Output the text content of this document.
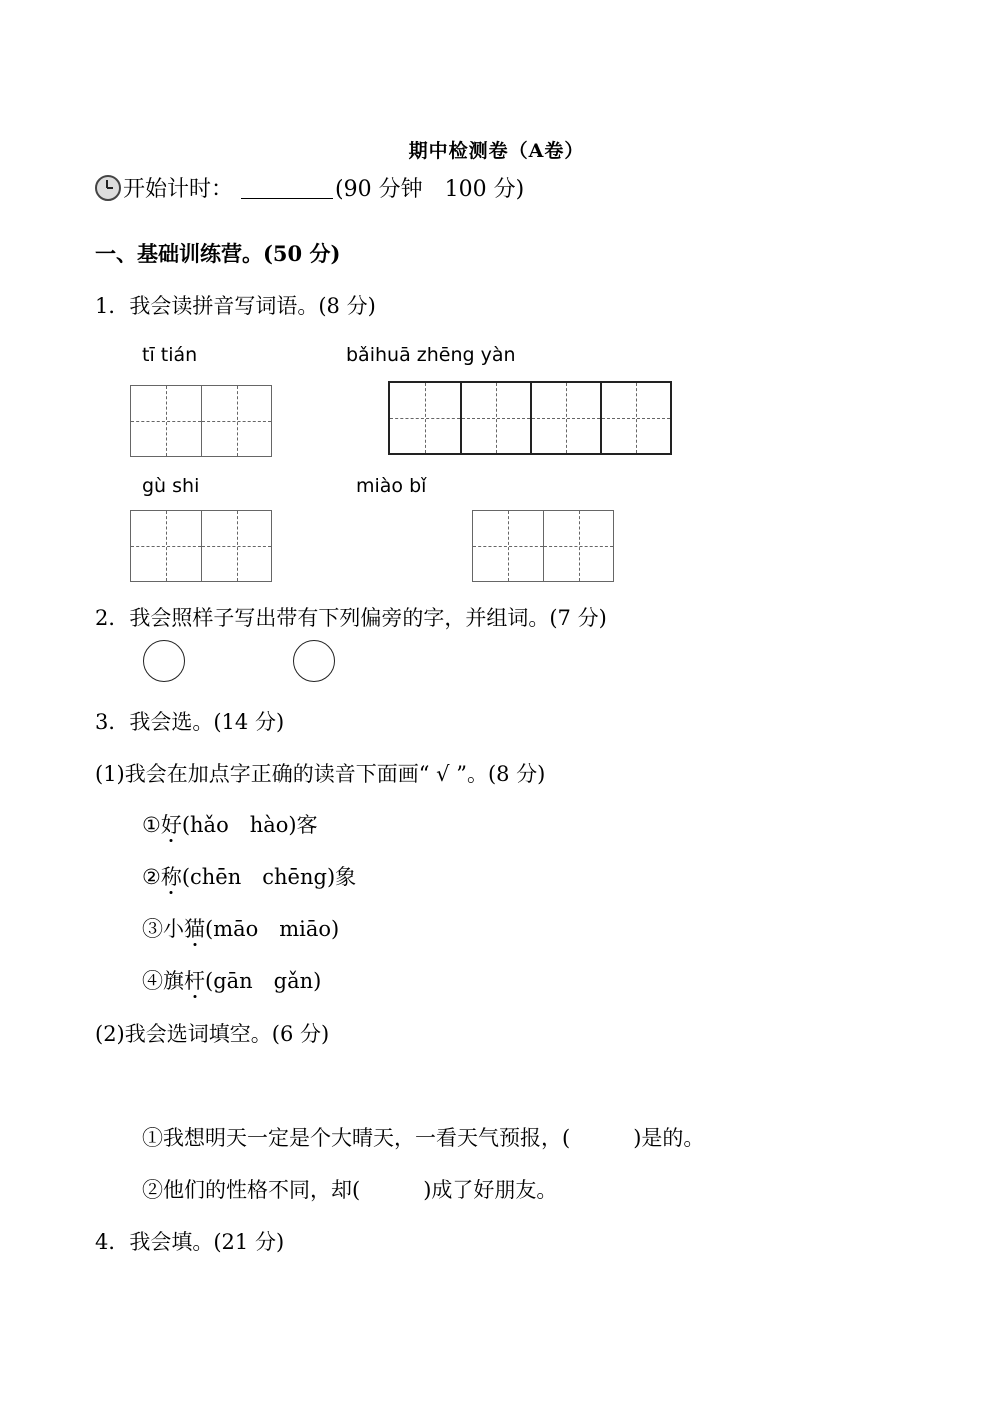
期中检测卷（A卷）
开始计时：	(90 分钟　100 分)
一、基础训练营。(50 分)
1．我会读拼音写词语。(8 分)
tī tián	bǎihuā zhēng yàn
gù shi	miào bǐ
2．我会照样子写出带有下列偏旁的字，并组词。(7 分)
3．我会选。(14 分)
(1)我会在加点字正确的读音下面画“ √ ”。(8 分)
①好(hǎo　hào)客
②称(chēn　chēng)象
③小猫(māo　miāo)
④旗杆(gān　gǎn)
(2)我会选词填空。(6 分)
①我想明天一定是个大晴天，一看天气预报，(　　　)是的。
②他们的性格不同，却(　　　)成了好朋友。
4．我会填。(21 分)
